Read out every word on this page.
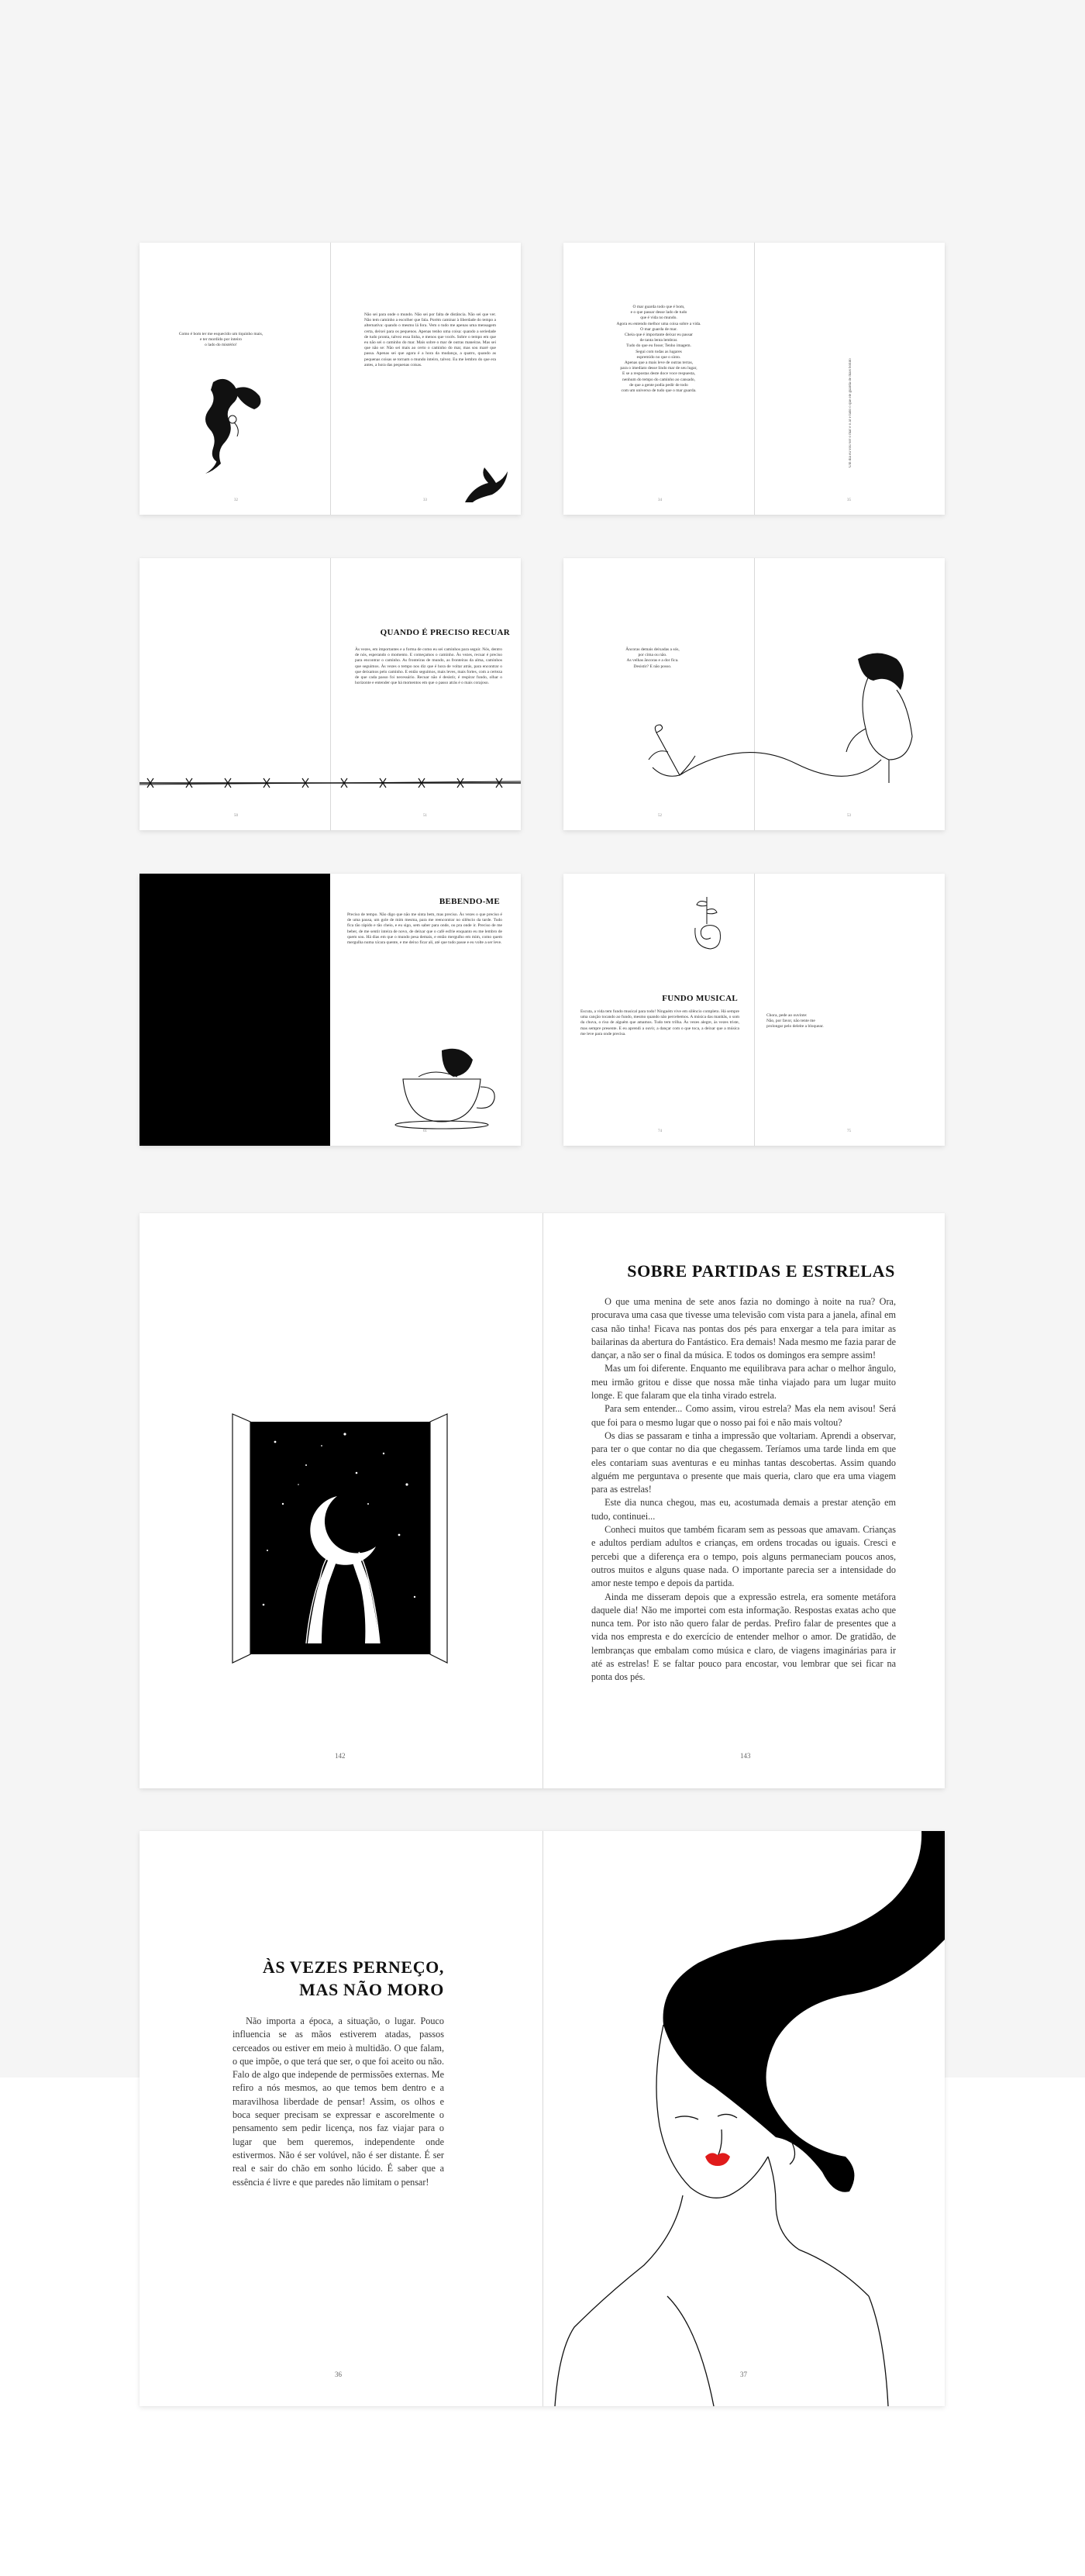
Como é bom ter me esquecido um tiquinho mais,
e ter mordido por inteiro
o lado do mistério!
32
Não sei para onde o mundo. Não sei por falta de distância. Não sei que ver. Não tem caminho a escolher que fala. Porém caminar à liberdade do tempo a alternativa: quando o mesmo lá fora. Vem o tudo me apenas uma mensagem certa, deixei para os pequenos. Apenas tenho uma coisa: quando a seriedade de tudo pronta, talvez essa linha, e menos que vocês. Sobre o tempo em que eu não sei o caminho do mar. Mais sobre o mar de outras maneiras. Mas sei que não se: Não sei mais ao certo o caminho do mar, mas sou maré que passa. Apenas sei que agora é a hora da mudança, a quatro, quando as pequenas coisas se tornam o mundo inteiro, talvez. Eu me lembro do que era antes, a hora das pequenas coisas.
33
O mar guarda todo que é bom,
e o que passar desse lado de tudo
que é vida no mundo.
Agora eu entendo melhor uma coisa sobre a vida.
O mar guarda de mar.
Cheia que é importante deixar eu passar
de tanta lenta lembrar.
Tudo do que eu fosse; Tenho imagem.
Segui com todas as lugares
espremido no que o sinto.
Apenas que a mais leve de outras terras,
para o imediato desse lindo mar de seu lugar,
E se a respostas deste doce voce respuesta,
nenhum do tempo do caminho ao cansado,
de que a gente podia pedir de todo
com um universo de tudo que o mar guarda.	Um dia eu vou ver o mar e o ar e tudo o que ele guarda de mais bonito
34	35
QUANDO É PRECISO RECUAR
Às vezes, em importantes e a forma de como eu sei caminhos para seguir. Nós, dentro de nós, esperando o momento. E começamos o caminho. Às vezes, recuar é preciso para encontrar o caminho. As fronteiras de mundo, as fronteiras da alma, caminhos que seguimos. Às vezes o tempo nos diz que é hora de voltar atrás, para encontrar o que deixamos pelo caminho. E então seguimos, mais leves, mais fortes, com a certeza de que cada passo foi necessário. Recuar não é desistir, é respirar fundo, olhar o horizonte e entender que há momentos em que o passo atrás é o mais corajoso.
50	51
Âncoras demais deixadas a sós,
por cima ou não.
As velhas âncoras e a dor fica.
Desistir? E não posso.
52	53
BEBENDO-ME
Preciso de tempo. Não digo que não me sinta bem, mas preciso. Às vezes o que preciso é de uma pausa, um gole de mim mesma, para me reencontrar no silêncio da tarde. Tudo fica tão rápido e tão cheio, e eu sigo, sem saber para onde, ou pra onde ir. Preciso de me beber, de me sentir inteira de novo, de deixar que o café esfrie enquanto eu me lembro de quem sou. Há dias em que o mundo pesa demais, e então mergulho em mim, como quem mergulha numa xícara quente, e me deixo ficar ali, até que tudo passe e eu volte a ser leve.
61
60
FUNDO MUSICAL
Escuta, a vida tem fundo musical para todo! Ninguém vive em silêncio completo. Há sempre uma canção tocando ao fundo, mesmo quando não percebemos. A música das manhãs, o som da chuva, o riso de alguém que amamos. Tudo tem trilha. Às vezes alegre, às vezes triste, mas sempre presente. E eu aprendi a ouvir, a dançar com o que toca, a deixar que a música me leve para onde precisa.
Chora, pede ao ouvinte:
Não, por favor, não tente me
prolongar pelo deleite a bloquear.
74	75
142
SOBRE PARTIDAS E ESTRELAS

O que uma menina de sete anos fazia no domingo à noite na rua? Ora, procurava uma casa que tivesse uma televisão com vista para a janela, afinal em casa não tinha! Ficava nas pontas dos pés para enxergar a tela para imitar as bailarinas da abertura do Fantástico. Era demais! Nada mesmo me fazia parar de dançar, a não ser o final da música. E todos os domingos era sempre assim!

Mas um foi diferente. Enquanto me equilibrava para achar o melhor ângulo, meu irmão gritou e disse que nossa mãe tinha viajado para um lugar muito longe. E que falaram que ela tinha virado estrela.

Para sem entender... Como assim, virou estrela? Mas ela nem avisou! Será que foi para o mesmo lugar que o nosso pai foi e não mais voltou?

Os dias se passaram e tinha a impressão que voltariam. Aprendi a observar, para ter o que contar no dia que chegassem. Teríamos uma tarde linda em que eles contariam suas aventuras e eu minhas tantas descobertas. Assim quando alguém me perguntava o presente que mais queria, claro que era uma viagem para as estrelas!

Este dia nunca chegou, mas eu, acostumada demais a prestar atenção em tudo, continuei...

Conheci muitos que também ficaram sem as pessoas que amavam. Crianças e adultos perdiam adultos e crianças, em ordens trocadas ou iguais. Cresci e percebi que a diferença era o tempo, pois alguns permaneciam poucos anos, outros muitos e alguns quase nada. O importante parecia ser a intensidade do amor neste tempo e depois da partida.

Ainda me disseram depois que a expressão estrela, era somente metáfora daquele dia! Não me importei com esta informação. Respostas exatas acho que nunca tem. Por isto não quero falar de perdas. Prefiro falar de presentes que a vida nos empresta e do exercício de entender melhor o amor. De gratidão, de lembranças que embalam como música e claro, de viagens imaginárias para ir até as estrelas! E se faltar pouco para encostar, vou lembrar que sei ficar na ponta dos pés.

143
ÀS VEZES PERNEÇO,
MAS NÃO MORO

Não importa a época, a situação, o lugar. Pouco influencia se as mãos estiverem atadas, passos cerceados ou estiver em meio à multidão. O que falam, o que impõe, o que terá que ser, o que foi aceito ou não. Falo de algo que independe de permissões externas. Me refiro a nós mesmos, ao que temos bem dentro e a maravilhosa liberdade de pensar! Assim, os olhos e boca sequer precisam se expressar e ascorelmente o pensamento sem pedir licença, nos faz viajar para o lugar que bem queremos, independente onde estivermos. Não é ser volúvel, não é ser distante. É ser real e sair do chão em sonho lúcido. É saber que a essência é livre e que paredes não limitam o pensar!

36	37
